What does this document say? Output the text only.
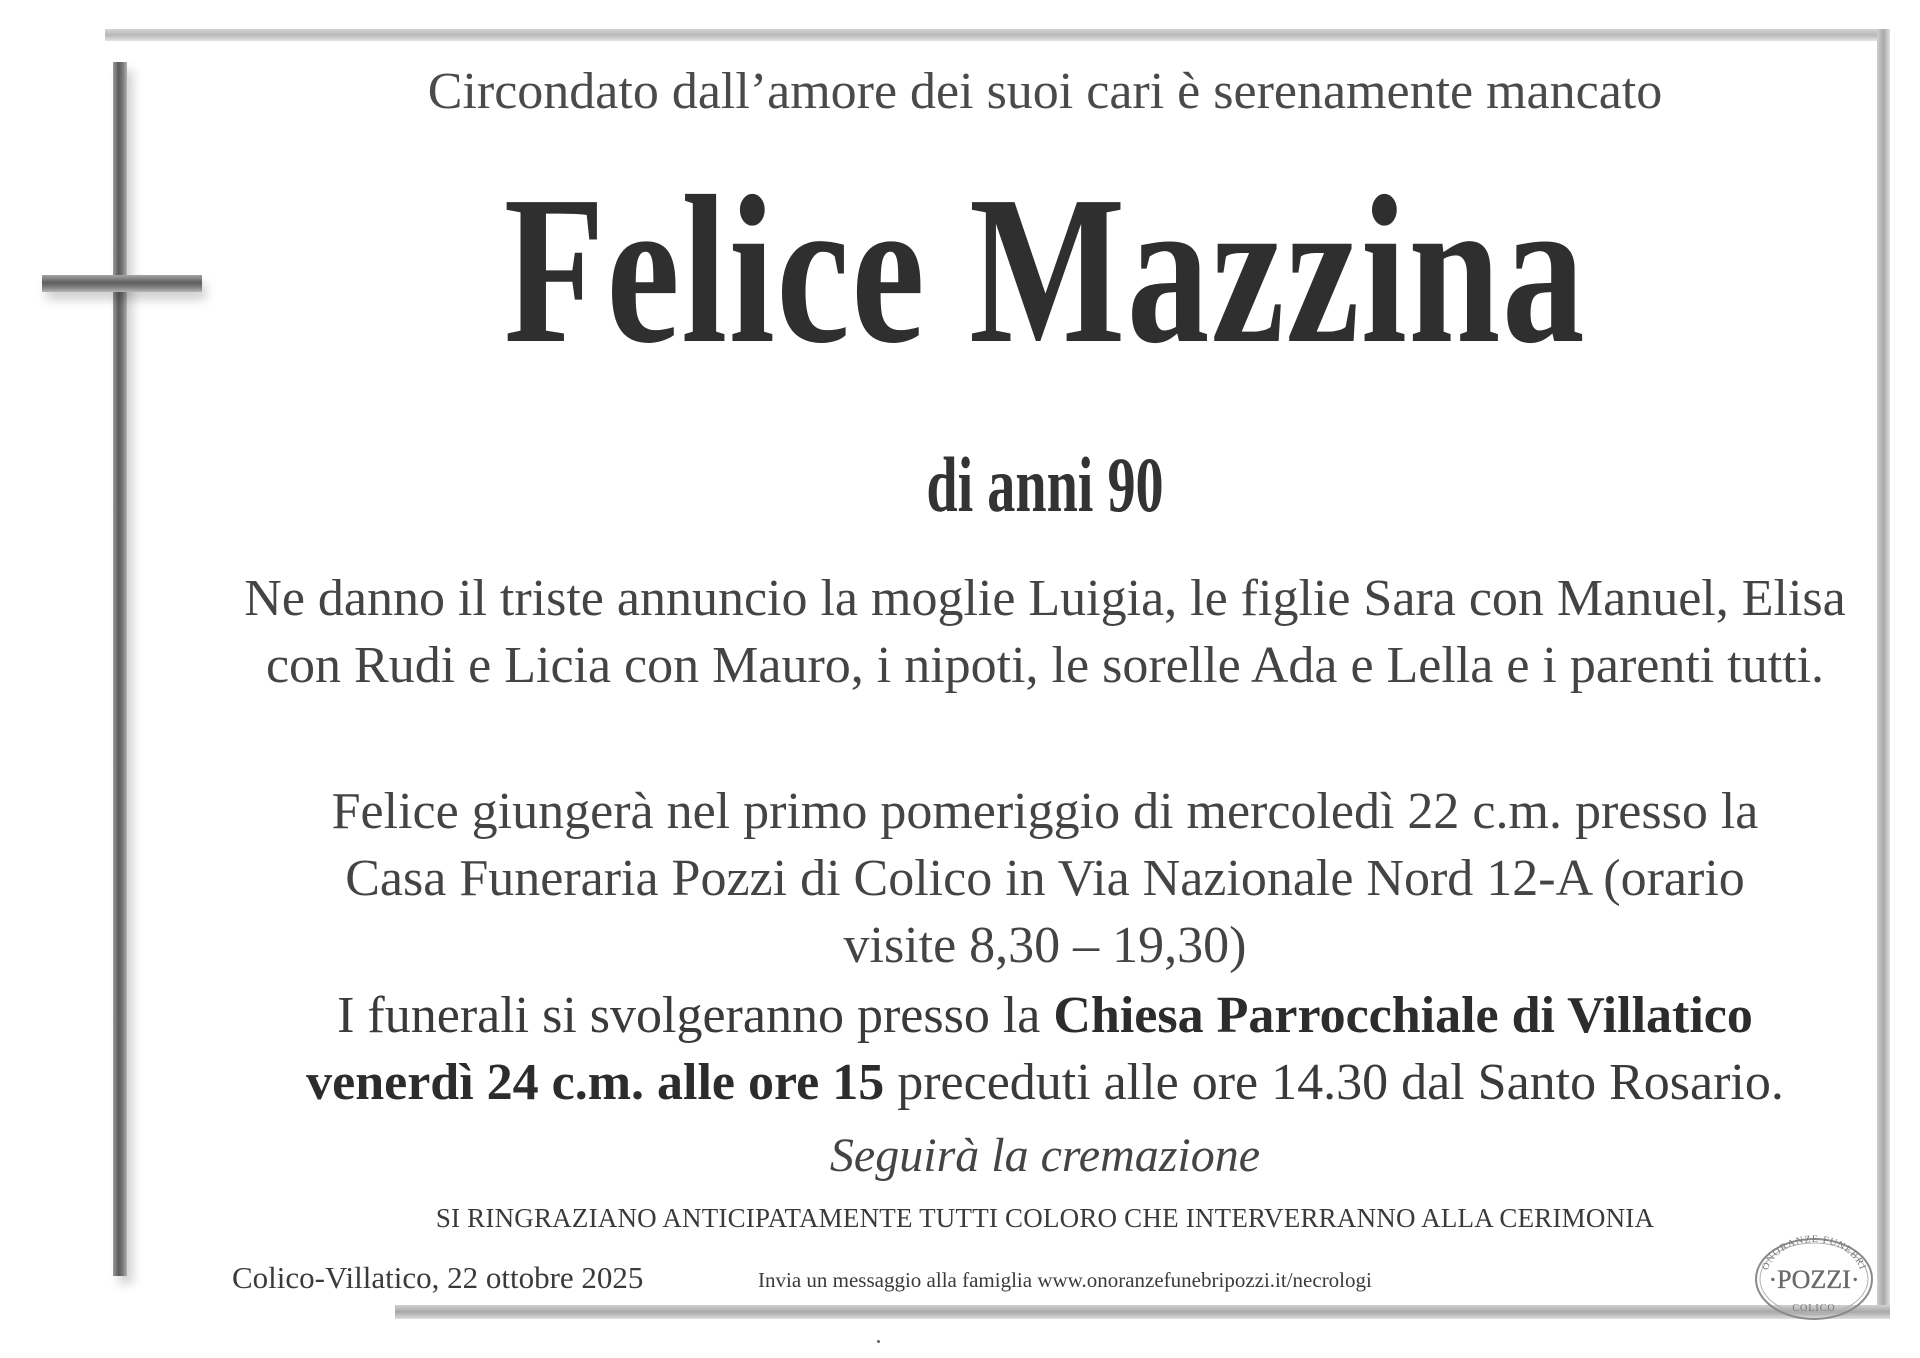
Circondato dall’amore dei suoi cari è serenamente mancato
Felice Mazzina
di anni 90
Ne danno il triste annuncio la moglie Luigia, le figlie Sara con Manuel, Elisa con Rudi e Licia con Mauro, i nipoti, le sorelle Ada e Lella e i parenti tutti.
Felice giungerà nel primo pomeriggio di mercoledì 22 c.m. presso la
Casa Funeraria Pozzi di Colico in Via Nazionale Nord 12-A (orario
visite 8,30 – 19,30)
I funerali si svolgeranno presso la Chiesa Parrocchiale di Villatico
venerdì 24 c.m. alle ore 15 preceduti alle ore 14.30 dal Santo Rosario.
Seguirà la cremazione
SI RINGRAZIANO ANTICIPATAMENTE TUTTI COLORO CHE INTERVERRANNO ALLA CERIMONIA
Colico-Villatico, 22 ottobre 2025	Invia un messaggio alla famiglia www.onoranzefunebripozzi.it/necrologi
ONORANZE FUNEBRI
·POZZI·
COLICO
